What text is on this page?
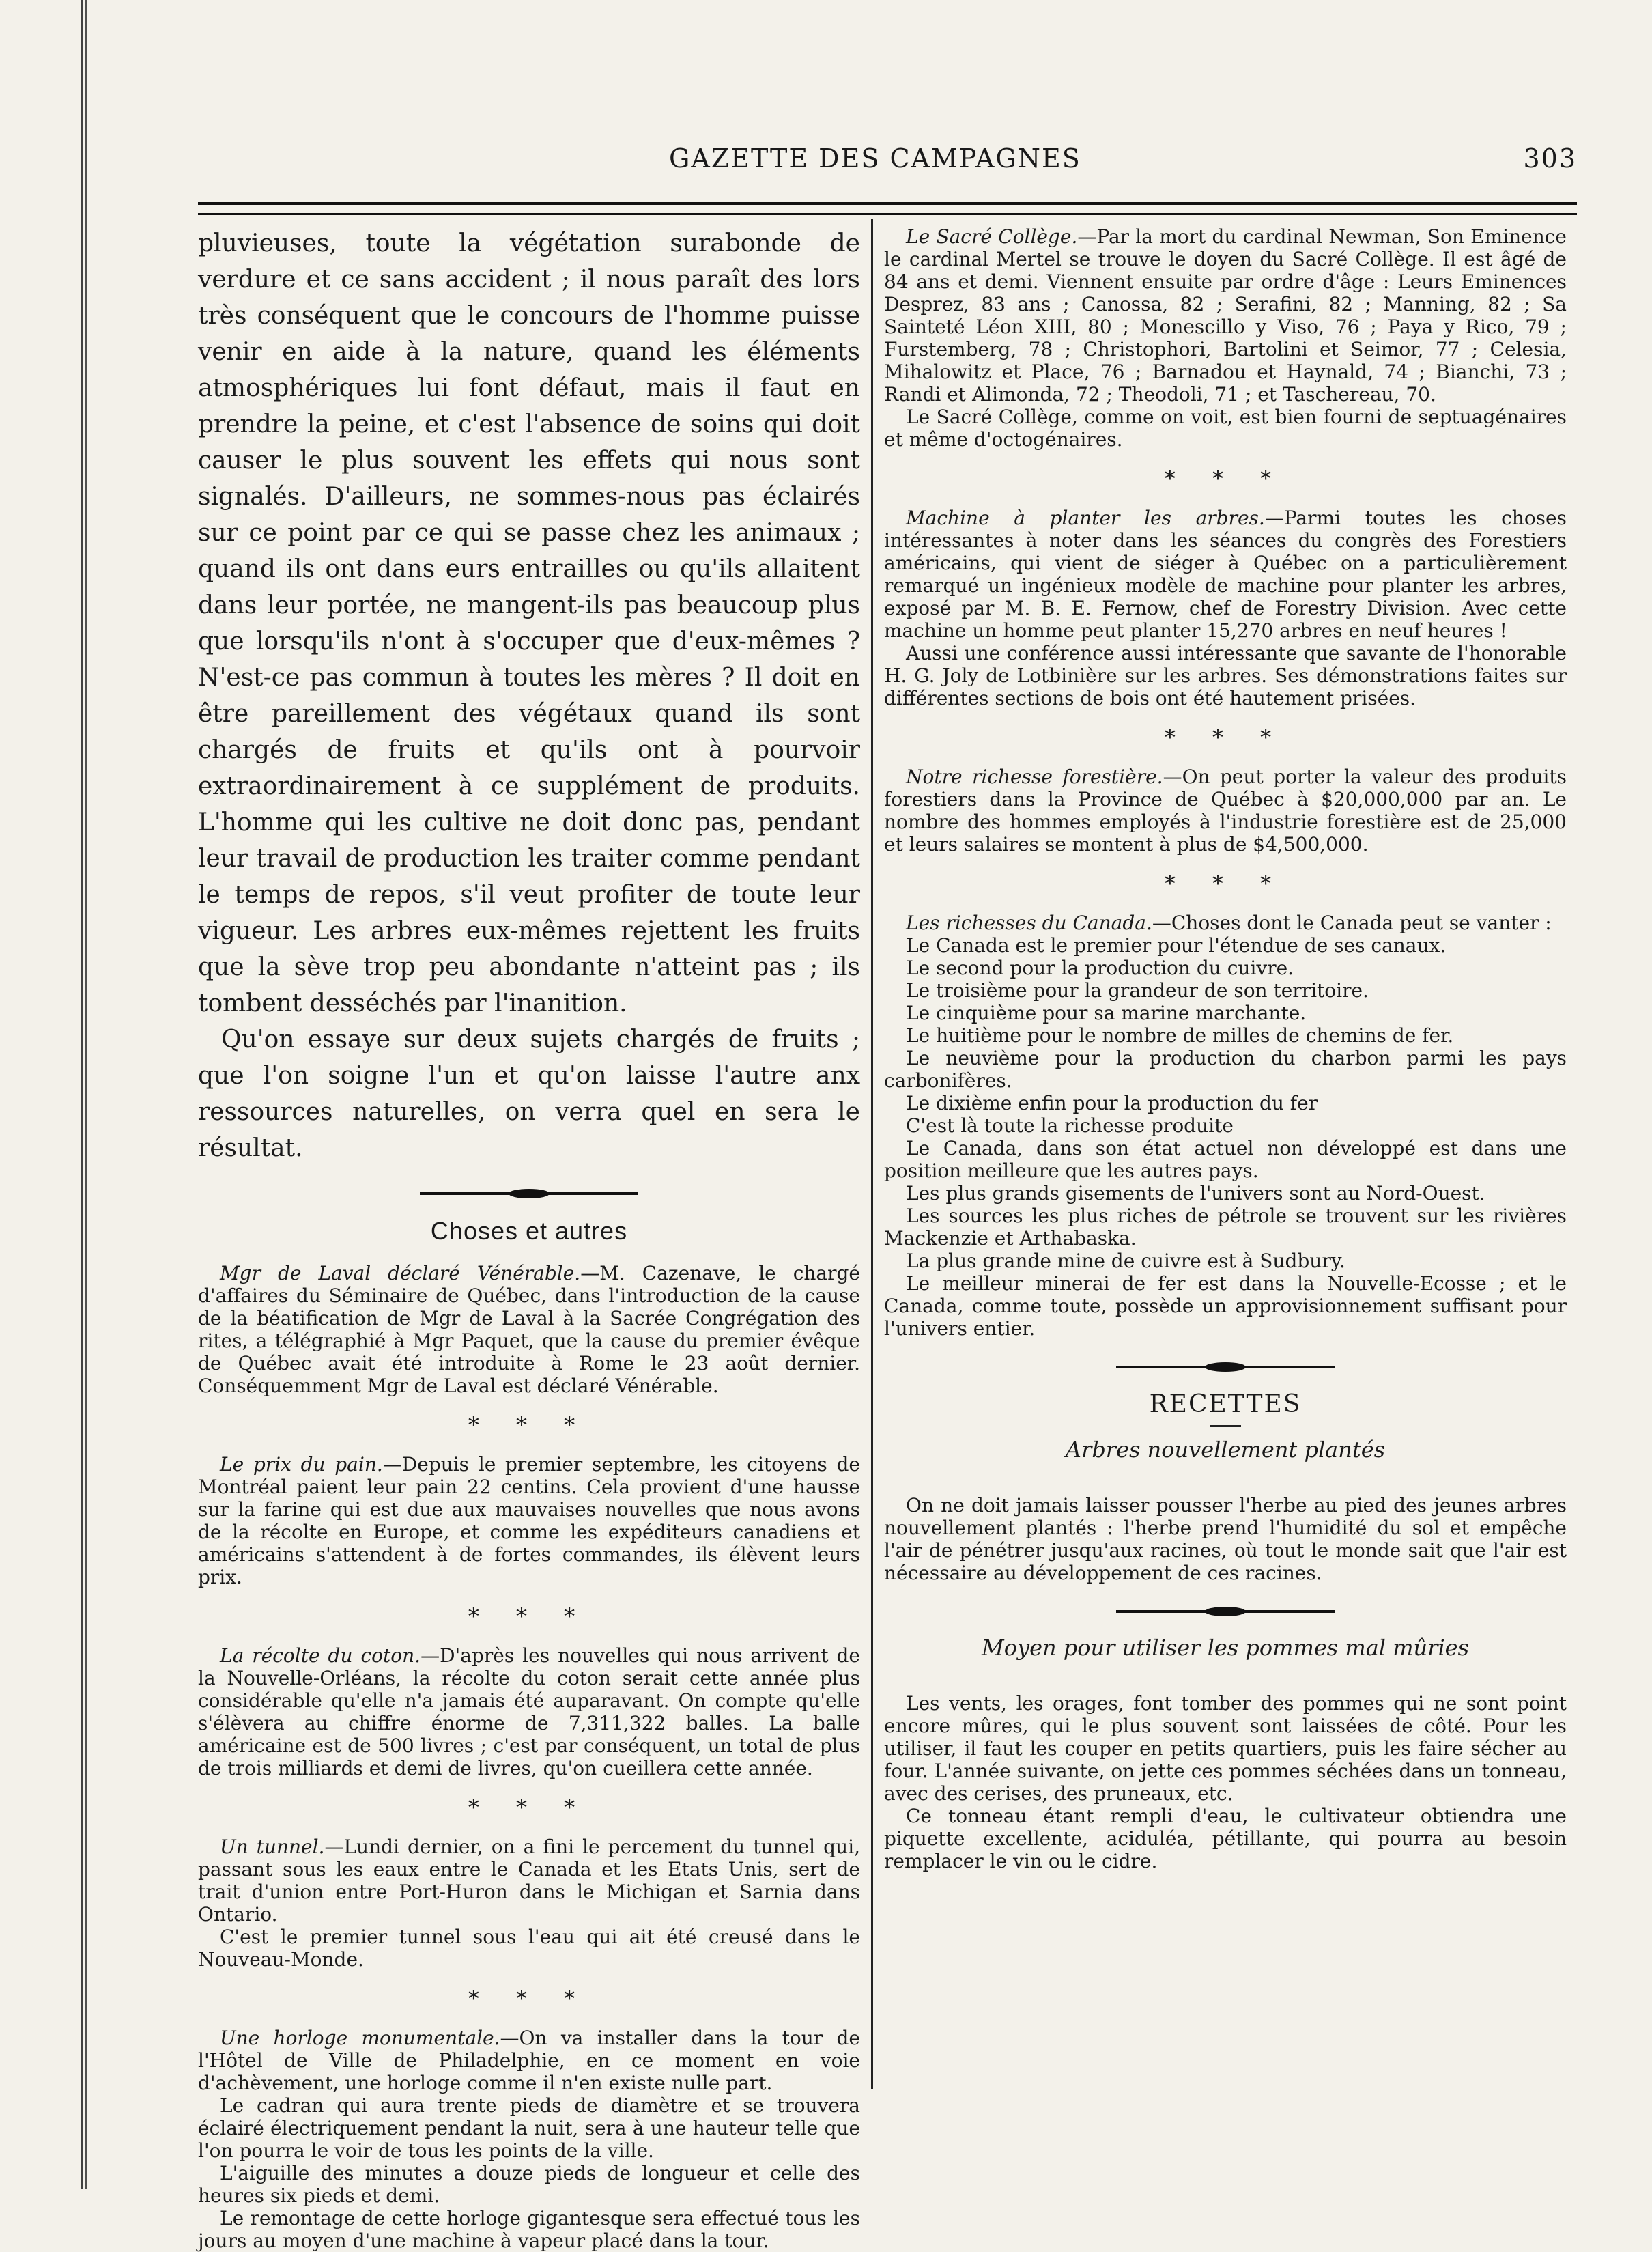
GAZETTE DES CAMPAGNES	303

pluvieuses, toute la végétation surabonde de verdure et ce sans accident ; il nous paraît des lors très conséquent que le concours de l'homme puisse venir en aide à la nature, quand les éléments atmosphériques lui font défaut, mais il faut en prendre la peine, et c'est l'absence de soins qui doit causer le plus souvent les effets qui nous sont signalés. D'ailleurs, ne sommes-nous pas éclairés sur ce point par ce qui se passe chez les animaux ; quand ils ont dans eurs entrailles ou qu'ils allaitent dans leur portée, ne mangent-ils pas beaucoup plus que lorsqu'ils n'ont à s'occuper que d'eux-mêmes ? N'est-ce pas commun à toutes les mères ? Il doit en être pareillement des végétaux quand ils sont chargés de fruits et qu'ils ont à pourvoir extraordinairement à ce supplément de produits. L'homme qui les cultive ne doit donc pas, pendant leur travail de production les traiter comme pendant le temps de repos, s'il veut profiter de toute leur vigueur. Les arbres eux-mêmes rejettent les fruits que la sève trop peu abondante n'atteint pas ; ils tombent desséchés par l'inanition.

Qu'on essaye sur deux sujets chargés de fruits ; que l'on soigne l'un et qu'on laisse l'autre anx ressources naturelles, on verra quel en sera le résultat.

Choses et autres

Mgr de Laval déclaré Vénérable.—M. Cazenave, le chargé d'affaires du Séminaire de Québec, dans l'introduction de la cause de la béatification de Mgr de Laval à la Sacrée Congrégation des rites, a télégraphié à Mgr Paquet, que la cause du premier évêque de Québec avait été introduite à Rome le 23 août dernier. Conséquemment Mgr de Laval est déclaré Vénérable.

* * *

Le prix du pain.—Depuis le premier septembre, les citoyens de Montréal paient leur pain 22 centins. Cela provient d'une hausse sur la farine qui est due aux mauvaises nouvelles que nous avons de la récolte en Europe, et comme les expéditeurs canadiens et américains s'attendent à de fortes commandes, ils élèvent leurs prix.

* * *

La récolte du coton.—D'après les nouvelles qui nous arrivent de la Nouvelle-Orléans, la récolte du coton serait cette année plus considérable qu'elle n'a jamais été auparavant. On compte qu'elle s'élèvera au chiffre énorme de 7,311,322 balles. La balle américaine est de 500 livres ; c'est par conséquent, un total de plus de trois milliards et demi de livres, qu'on cueillera cette année.

* * *

Un tunnel.—Lundi dernier, on a fini le percement du tunnel qui, passant sous les eaux entre le Canada et les Etats Unis, sert de trait d'union entre Port-Huron dans le Michigan et Sarnia dans Ontario.

C'est le premier tunnel sous l'eau qui ait été creusé dans le Nouveau-Monde.

* * *

Une horloge monumentale.—On va installer dans la tour de l'Hôtel de Ville de Philadelphie, en ce moment en voie d'achèvement, une horloge comme il n'en existe nulle part.

Le cadran qui aura trente pieds de diamètre et se trouvera éclairé électriquement pendant la nuit, sera à une hauteur telle que l'on pourra le voir de tous les points de la ville.

L'aiguille des minutes a douze pieds de longueur et celle des heures six pieds et demi.

Le remontage de cette horloge gigantesque sera effectué tous les jours au moyen d'une machine à vapeur placé dans la tour.

Le Sacré Collège.—Par la mort du cardinal Newman, Son Eminence le cardinal Mertel se trouve le doyen du Sacré Collège. Il est âgé de 84 ans et demi. Viennent ensuite par ordre d'âge : Leurs Eminences Desprez, 83 ans ; Canossa, 82 ; Serafini, 82 ; Manning, 82 ; Sa Sainteté Léon XIII, 80 ; Monescillo y Viso, 76 ; Paya y Rico, 79 ; Furstemberg, 78 ; Christophori, Bartolini et Seimor, 77 ; Celesia, Mihalowitz et Place, 76 ; Barnadou et Haynald, 74 ; Bianchi, 73 ; Randi et Alimonda, 72 ; Theodoli, 71 ; et Taschereau, 70.

Le Sacré Collège, comme on voit, est bien fourni de septuagénaires et même d'octogénaires.

* * *

Machine à planter les arbres.—Parmi toutes les choses intéressantes à noter dans les séances du congrès des Forestiers américains, qui vient de siéger à Québec on a particulièrement remarqué un ingénieux modèle de machine pour planter les arbres, exposé par M. B. E. Fernow, chef de Forestry Division. Avec cette machine un homme peut planter 15,270 arbres en neuf heures !

Aussi une conférence aussi intéressante que savante de l'honorable H. G. Joly de Lotbinière sur les arbres. Ses démonstrations faites sur différentes sections de bois ont été hautement prisées.

* * *

Notre richesse forestière.—On peut porter la valeur des produits forestiers dans la Province de Québec à $20,000,000 par an. Le nombre des hommes employés à l'industrie forestière est de 25,000 et leurs salaires se montent à plus de $4,500,000.

* * *

Les richesses du Canada.—Choses dont le Canada peut se vanter :

Le Canada est le premier pour l'étendue de ses canaux.

Le second pour la production du cuivre.

Le troisième pour la grandeur de son territoire.

Le cinquième pour sa marine marchante.

Le huitième pour le nombre de milles de chemins de fer.

Le neuvième pour la production du charbon parmi les pays carbonifères.

Le dixième enfin pour la production du fer

C'est là toute la richesse produite

Le Canada, dans son état actuel non développé est dans une position meilleure que les autres pays.

Les plus grands gisements de l'univers sont au Nord-Ouest.

Les sources les plus riches de pétrole se trouvent sur les rivières Mackenzie et Arthabaska.

La plus grande mine de cuivre est à Sudbury.

Le meilleur minerai de fer est dans la Nouvelle-Ecosse ; et le Canada, comme toute, possède un approvisionnement suffisant pour l'univers entier.

RECETTES
Arbres nouvellement plantés

On ne doit jamais laisser pousser l'herbe au pied des jeunes arbres nouvellement plantés : l'herbe prend l'humidité du sol et empêche l'air de pénétrer jusqu'aux racines, où tout le monde sait que l'air est nécessaire au développement de ces racines.

Moyen pour utiliser les pommes mal mûries

Les vents, les orages, font tomber des pommes qui ne sont point encore mûres, qui le plus souvent sont laissées de côté. Pour les utiliser, il faut les couper en petits quartiers, puis les faire sécher au four. L'année suivante, on jette ces pommes séchées dans un tonneau, avec des cerises, des pruneaux, etc.

Ce tonneau étant rempli d'eau, le cultivateur obtiendra une piquette excellente, aciduléa, pétillante, qui pourra au besoin remplacer le vin ou le cidre.
